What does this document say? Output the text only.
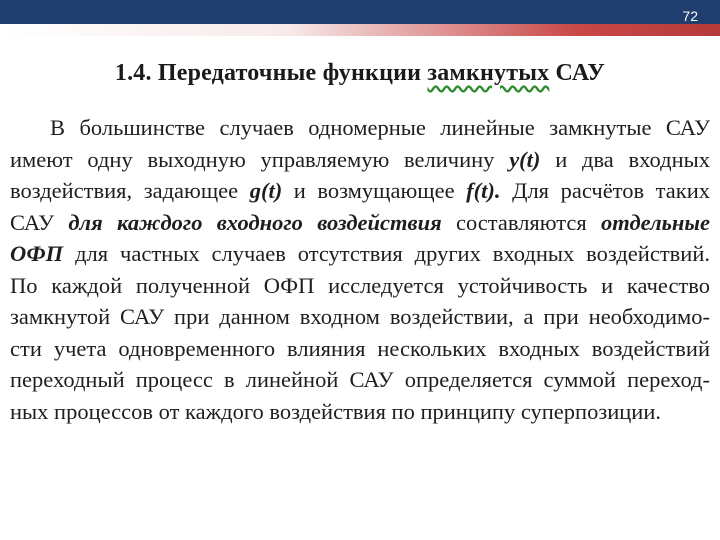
72
1.4. Передаточные функции замкнутых САУ
В большинстве случаев одномерные линейные замкнутые САУ
имеют одну выходную управляемую величину y(t) и два входных
воздействия, задающее g(t) и возмущающее f(t). Для расчётов таких
САУ для каждого входного воздействия составляются отдельные
ОФП для частных случаев отсутствия других входных воздействий.
По каждой полученной ОФП исследуется устойчивость и качество
замкнутой САУ при данном входном воздействии, а при необходимо-
сти учета одновременного влияния нескольких входных воздействий
переходный процесс в линейной САУ определяется суммой переход-
ных процессов от каждого воздействия по принципу суперпозиции.
